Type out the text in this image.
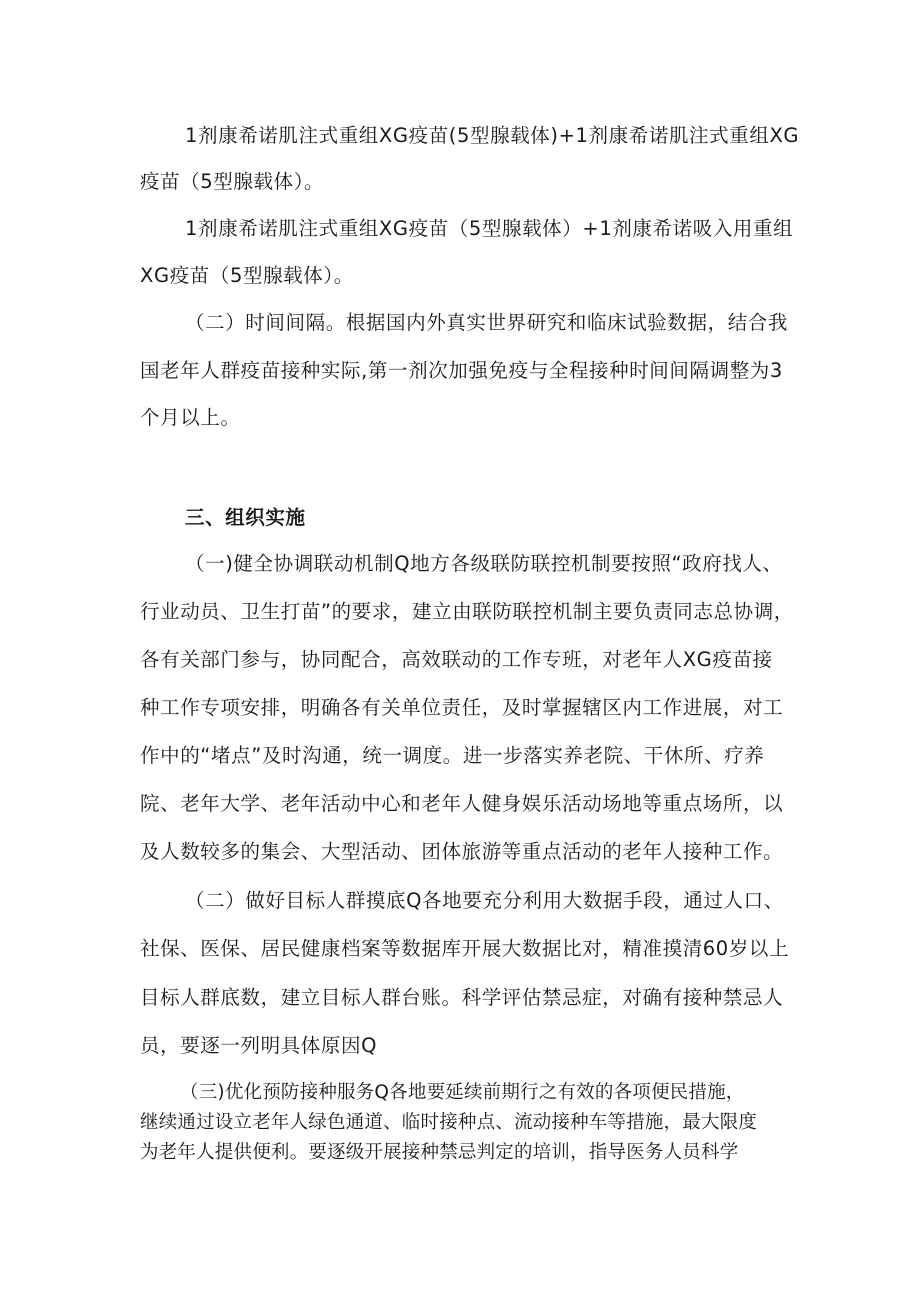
1剂康希诺肌注式重组XG疫苗(5型腺载体)+1剂康希诺肌注式重组XG
疫苗（5型腺载体）。
1剂康希诺肌注式重组XG疫苗（5型腺载体）+1剂康希诺吸入用重组
XG疫苗（5型腺载体）。
（二）时间间隔。根据国内外真实世界研究和临床试验数据，结合我
国老年人群疫苗接种实际,第一剂次加强免疫与全程接种时间间隔调整为3
个月以上。
三、组织实施
（一)健全协调联动机制Q地方各级联防联控机制要按照“政府找人、
行业动员、卫生打苗”的要求，建立由联防联控机制主要负责同志总协调，
各有关部门参与，协同配合，高效联动的工作专班，对老年人XG疫苗接
种工作专项安排，明确各有关单位责任，及时掌握辖区内工作进展，对工
作中的“堵点”及时沟通，统一调度。进一步落实养老院、干休所、疗养
院、老年大学、老年活动中心和老年人健身娱乐活动场地等重点场所，以
及人数较多的集会、大型活动、团体旅游等重点活动的老年人接种工作。
（二）做好目标人群摸底Q各地要充分利用大数据手段，通过人口、
社保、医保、居民健康档案等数据库开展大数据比对，精准摸清60岁以上
目标人群底数，建立目标人群台账。科学评估禁忌症，对确有接种禁忌人
员，要逐一列明具体原因Q
（三)优化预防接种服务Q各地要延续前期行之有效的各项便民措施，
继续通过设立老年人绿色通道、临时接种点、流动接种车等措施，最大限度
为老年人提供便利。要逐级开展接种禁忌判定的培训，指导医务人员科学
